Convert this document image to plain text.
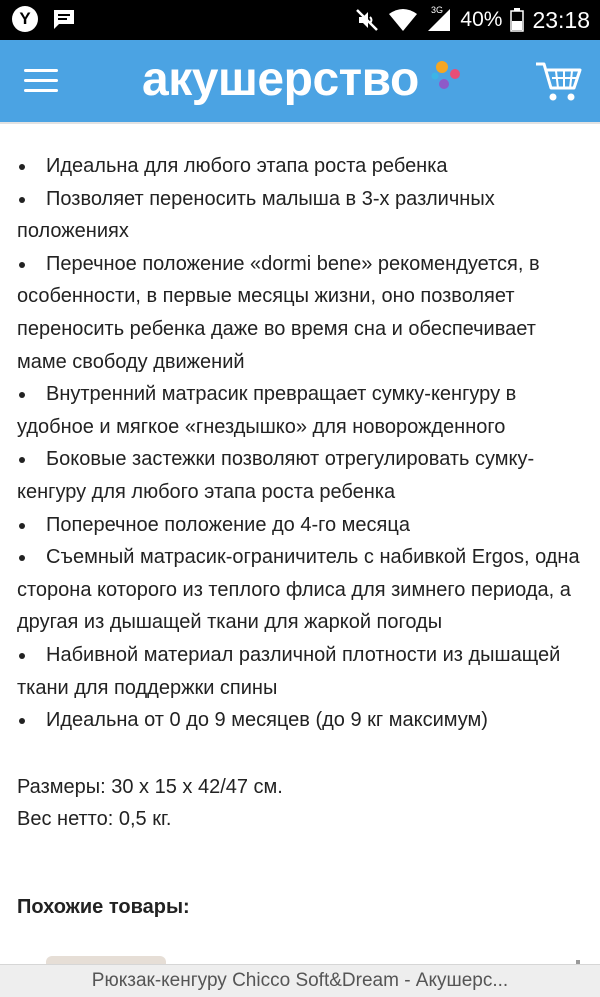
Y	40% 23:18
3G
акушерство
Идеальна для любого этапа роста ребенка
Позволяет переносить малыша в 3-х различных положениях
Перечное положение «dormi bene» рекомендуется, в особенности, в первые месяцы жизни, оно позволяет переносить ребенка даже во время сна и обеспечивает маме свободу движений
Внутренний матрасик превращает сумку-кенгуру в удобное и мягкое «гнездышко» для новорожденного
Боковые застежки позволяют отрегулировать сумку-кенгуру для любого этапа роста ребенка
Поперечное положение до 4-го месяца
Съемный матрасик-ограничитель с набивкой Ergos, одна сторона которого из теплого флиса для зимнего периода, а другая из дышащей ткани для жаркой погоды
Набивной материал различной плотности из дышащей ткани для поддержки спины
Идеальна от 0 до 9 месяцев (до 9 кг максимум)

Размеры: 30 х 15 х 42/47 см.

Вес нетто: 0,5 кг.

Похожие товары:
Рюкзак-кенгуру Chicco Soft&Dream - Акушерс...
